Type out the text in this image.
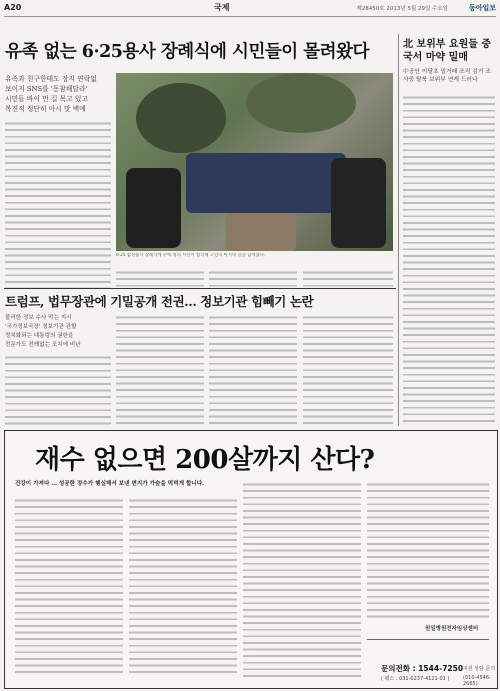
A20	국제	제28450호 2013년 5월 29일 수요일	동아일보
유족 없는 6·25용사 장례식에 시민들이 몰려왔다
유족과 친구한테도 장지 연락없
보이지 SNS를 '동참해달라'
시민들 바이 먼 길 목고 있고
복진적 정단히 아시 맛 벽에
6·25 참전용사 장례식에 수백 명의 시민이 참석해 고인의 마지막 길을 함께했다.
北 보위부 요원들 중국서 마약 밀매
中공안 이달초 밀거래 조직 검거 조사중 탈북 보위부 연계 드러나
트럼프, 법무장관에 기밀공개 전권… 정보기관 힘빼기 논란
불리한 정보 수사 막는 지시
'국가정보국장' 정보기관 관할
정치화되는 대통령의 권한을
전문가도 전례없는 조치에 비난
재수 없으면 200살까지 산다?
건강이 가져다 … 성공한 장수가 행실해서 보낸 편지가 가슴을 먹먹게 합니다.
원일병원전자임상센터
문의전화 : 1544-7250
( 팩스 : 031-0237-4121-01 )
지원 상담 문의
(010-4546-2665)
